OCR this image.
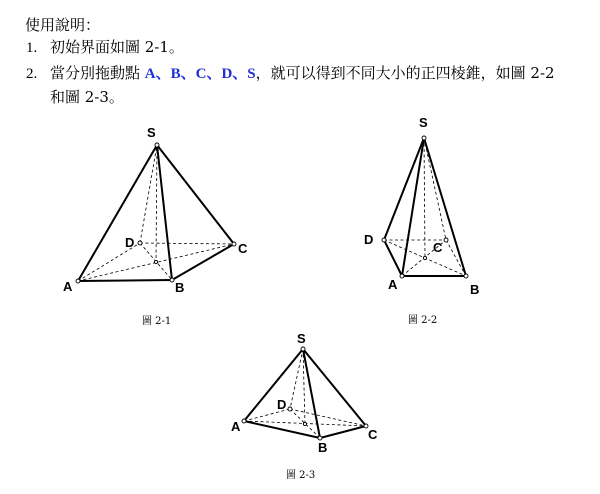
使用說明：
1. 初始界面如圖 2-1。
2. 當分別拖動點 A、B、C、D、S，就可以得到不同大小的正四棱錐，如圖 2-2
和圖 2-3。
S
A	B
C
D
圖 2-1
S
A	B
C
D
圖 2-2
S
A
B
C
D
圖 2-3
